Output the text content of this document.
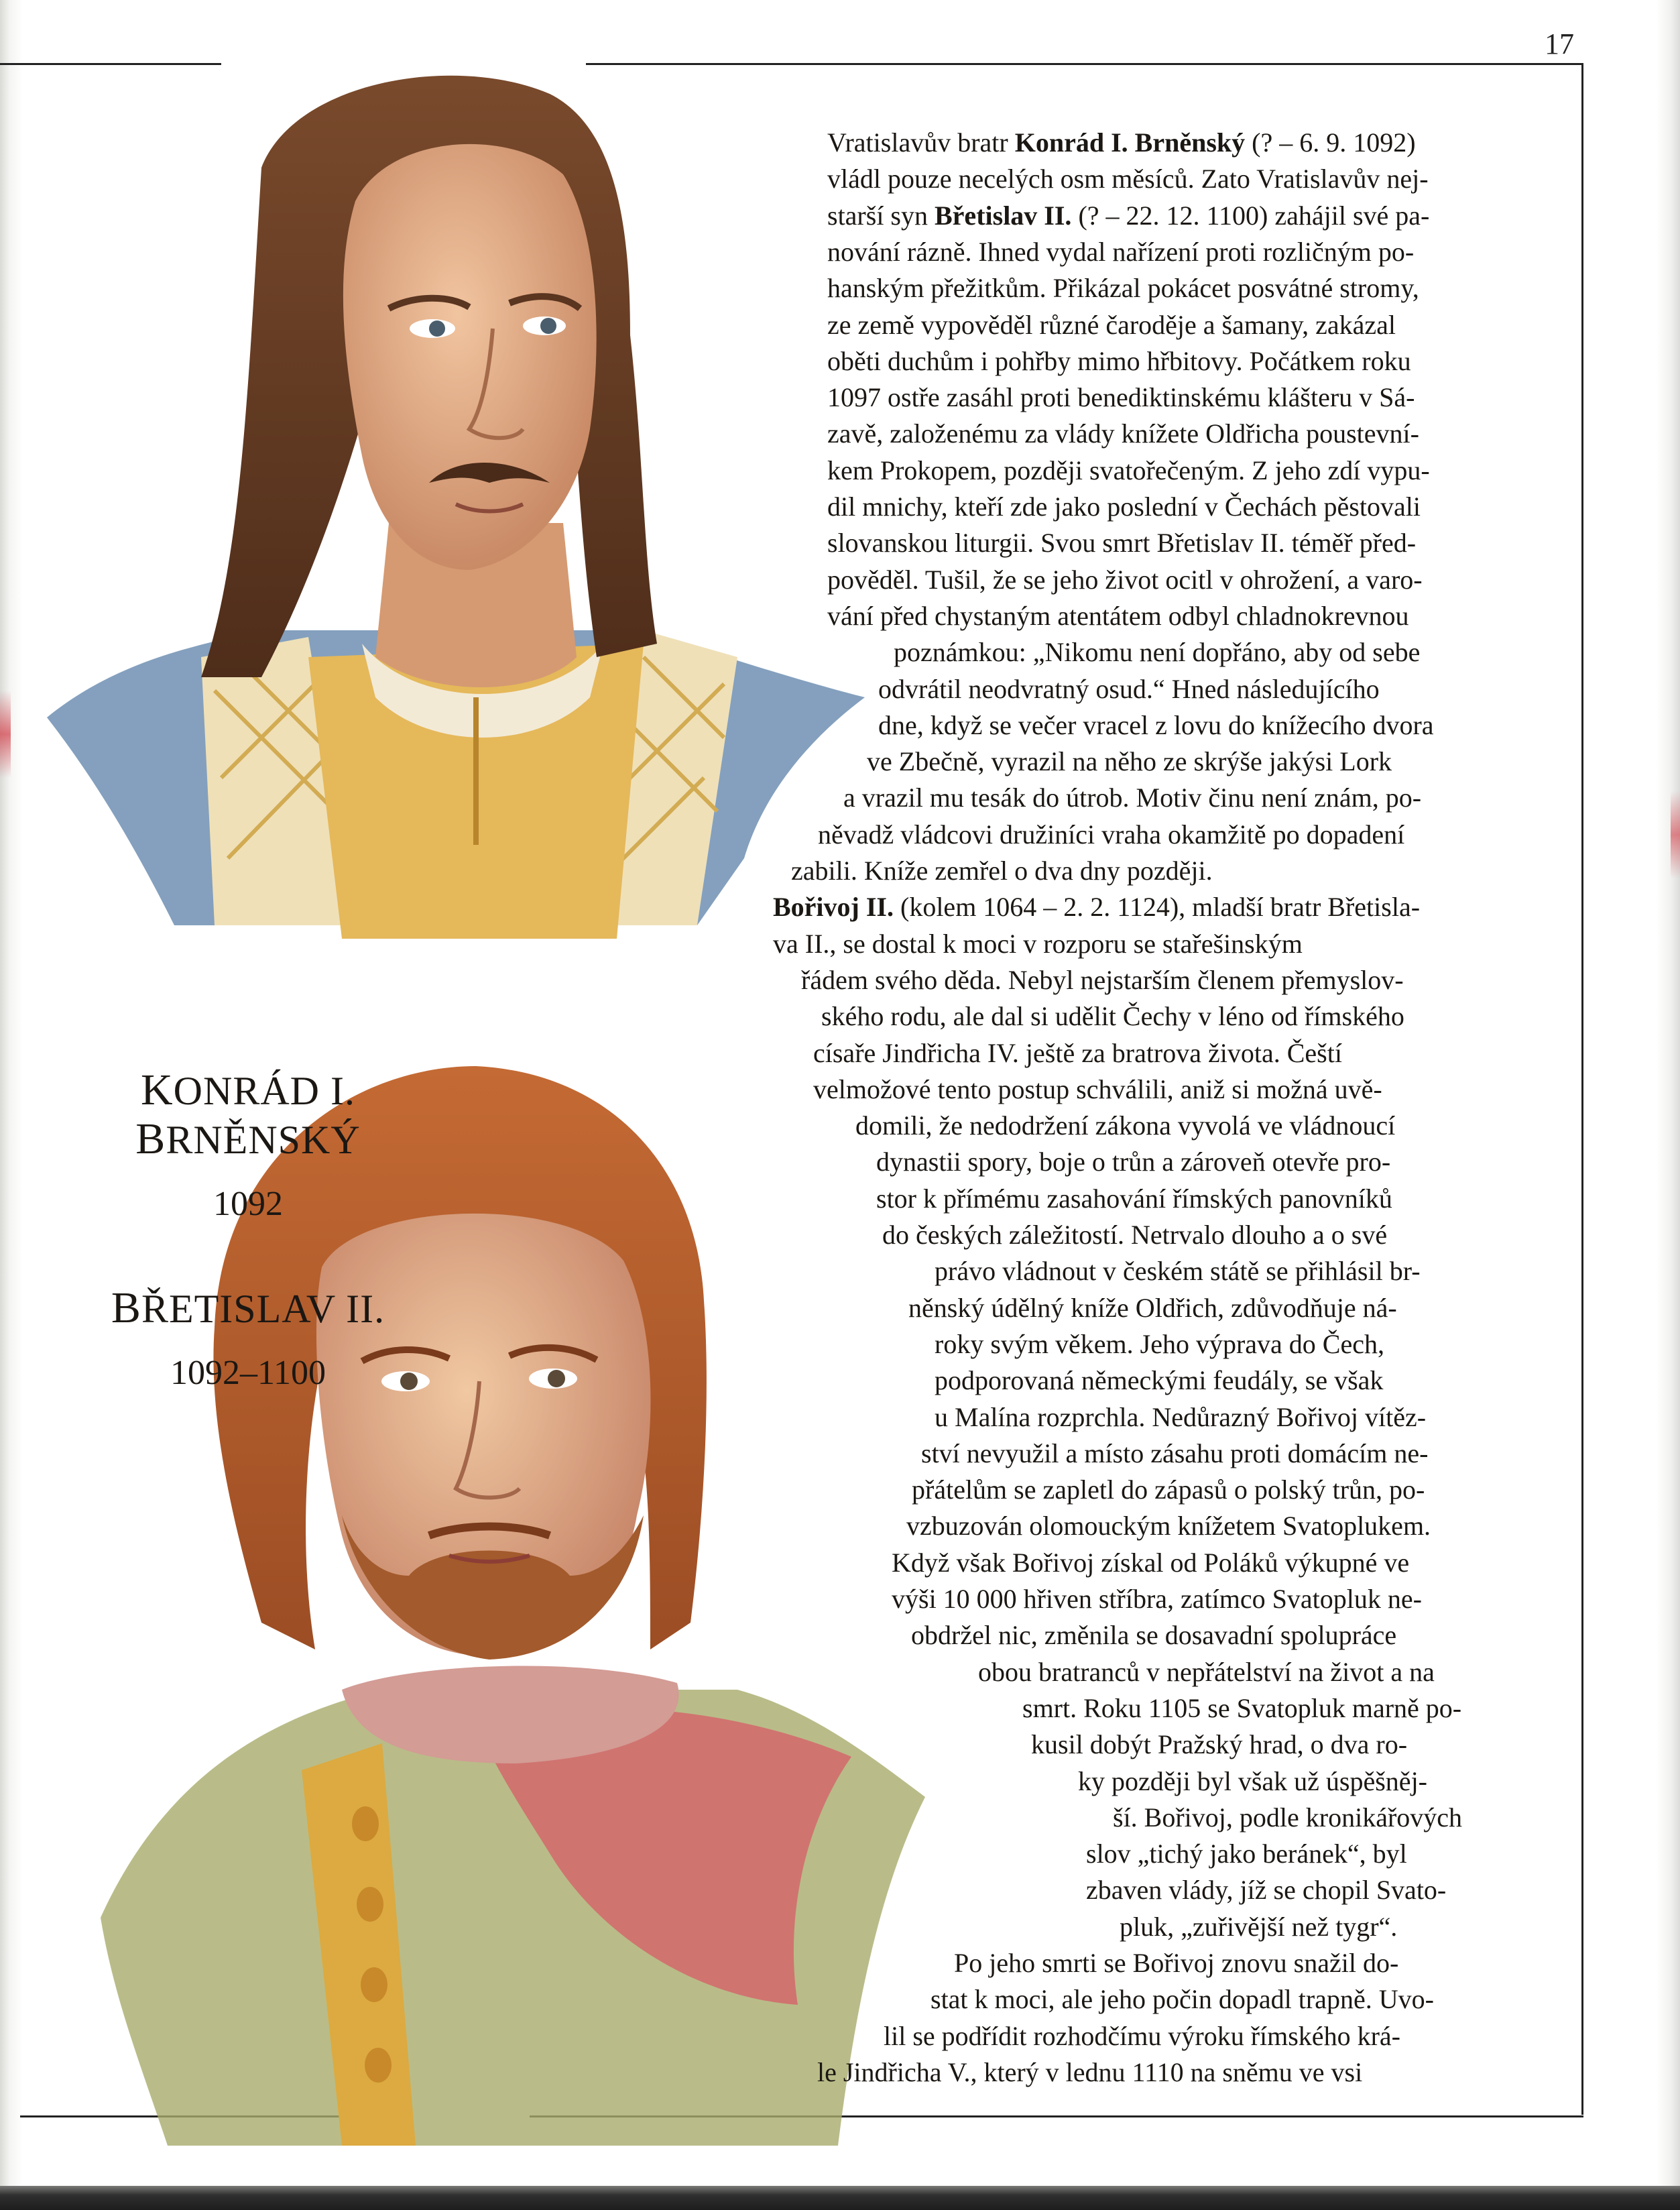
17
KONRÁD I.
BRNĚNSKÝ
1092
BŘETISLAV II.
1092–1100
Vratislavův bratr Konrád I. Brněnský (? – 6. 9. 1092)
vládl pouze necelých osm měsíců. Zato Vratislavův nej-
starší syn Břetislav II. (? – 22. 12. 1100) zahájil své pa-
nování rázně. Ihned vydal nařízení proti rozličným po-
hanským přežitkům. Přikázal pokácet posvátné stromy,
ze země vypověděl různé čaroděje a šamany, zakázal
oběti duchům i pohřby mimo hřbitovy. Počátkem roku
1097 ostře zasáhl proti benediktinskému klášteru v Sá-
zavě, založenému za vlády knížete Oldřicha poustevní-
kem Prokopem, později svatořečeným. Z jeho zdí vypu-
dil mnichy, kteří zde jako poslední v Čechách pěstovali
slovanskou liturgii. Svou smrt Břetislav II. téměř před-
pověděl. Tušil, že se jeho život ocitl v ohrožení, a varo-
vání před chystaným atentátem odbyl chladnokrevnou
poznámkou: „Nikomu není dopřáno, aby od sebe
odvrátil neodvratný osud.“ Hned následujícího
dne, když se večer vracel z lovu do knížecího dvora
ve Zbečně, vyrazil na něho ze skrýše jakýsi Lork
a vrazil mu tesák do útrob. Motiv činu není znám, po-
něvadž vládcovi družiníci vraha okamžitě po dopadení
zabili. Kníže zemřel o dva dny později.
Bořivoj II. (kolem 1064 – 2. 2. 1124), mladší bratr Břetisla-
va II., se dostal k moci v rozporu se stařešinským
řádem svého děda. Nebyl nejstarším členem přemyslov-
ského rodu, ale dal si udělit Čechy v léno od římského
císaře Jindřicha IV. ještě za bratrova života. Čeští
velmožové tento postup schválili, aniž si možná uvě-
domili, že nedodržení zákona vyvolá ve vládnoucí
dynastii spory, boje o trůn a zároveň otevře pro-
stor k přímému zasahování římských panovníků
do českých záležitostí. Netrvalo dlouho a o své
právo vládnout v českém státě se přihlásil br-
něnský údělný kníže Oldřich, zdůvodňuje ná-
roky svým věkem. Jeho výprava do Čech,
podporovaná německými feudály, se však
u Malína rozprchla. Nedůrazný Bořivoj vítěz-
ství nevyužil a místo zásahu proti domácím ne-
přátelům se zapletl do zápasů o polský trůn, po-
vzbuzován olomouckým knížetem Svatoplukem.
Když však Bořivoj získal od Poláků výkupné ve
výši 10 000 hřiven stříbra, zatímco Svatopluk ne-
obdržel nic, změnila se dosavadní spolupráce
obou bratranců v nepřátelství na život a na
smrt. Roku 1105 se Svatopluk marně po-
kusil dobýt Pražský hrad, o dva ro-
ky později byl však už úspěšněj-
ší. Bořivoj, podle kronikářových
slov „tichý jako beránek“, byl
zbaven vlády, jíž se chopil Svato-
pluk, „zuřivější než tygr“.
Po jeho smrti se Bořivoj znovu snažil do-
stat k moci, ale jeho počin dopadl trapně. Uvo-
lil se podřídit rozhodčímu výroku římského krá-
le Jindřicha V., který v lednu 1110 na sněmu ve vsi
